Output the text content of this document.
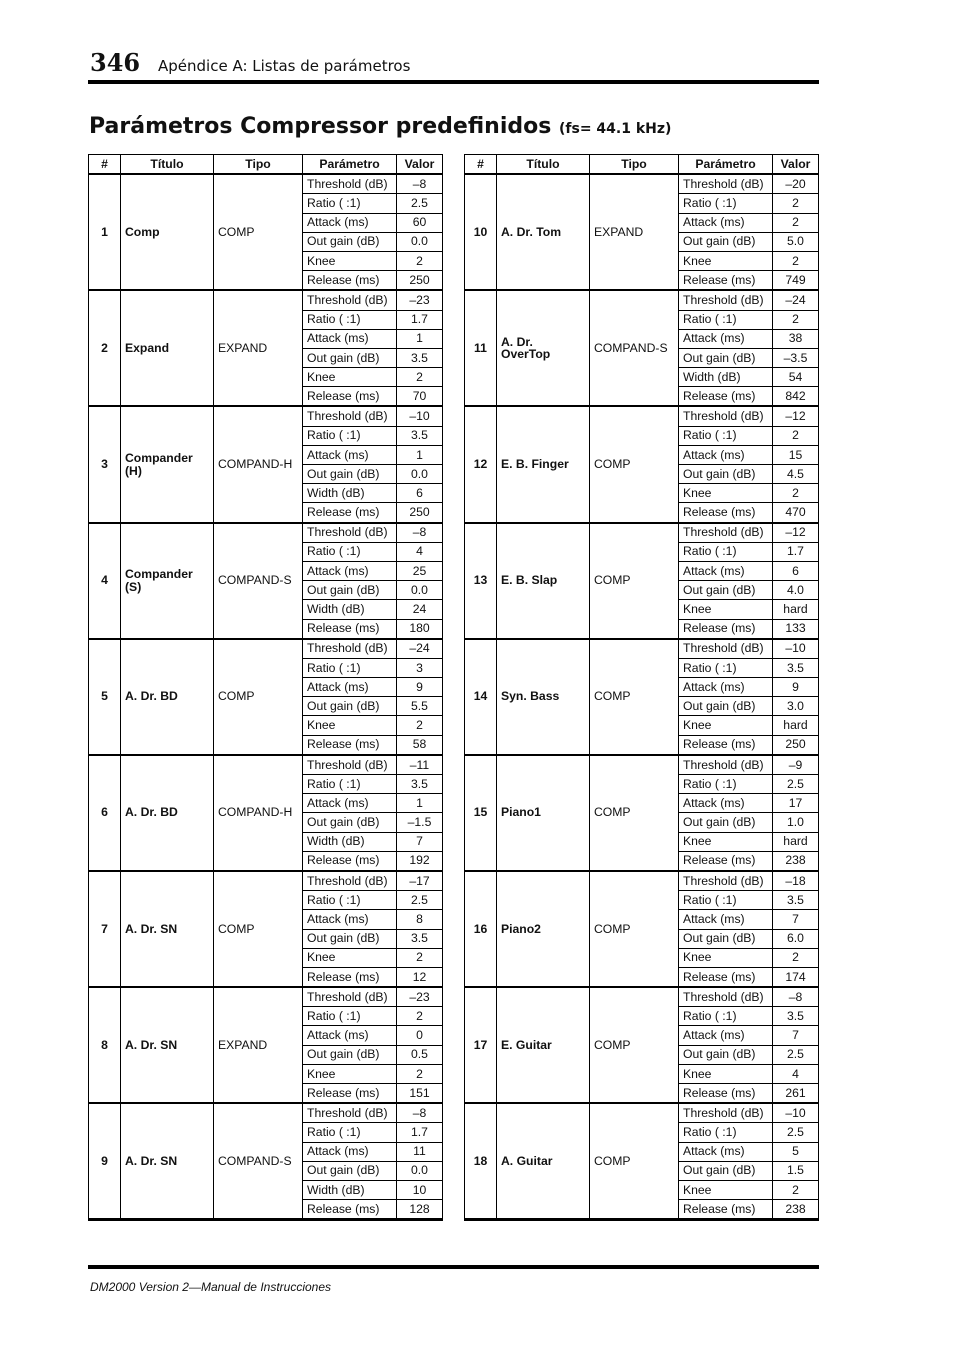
346 Apéndice A: Listas de parámetros
Parámetros Compressor predefinidos (fs= 44.1 kHz)
#	Título	Tipo	Parámetro	Valor
1	Comp	COMP	Threshold (dB)	–8
			Ratio ( :1)	2.5
			Attack (ms)	60
			Out gain (dB)	0.0
			Knee	2
			Release (ms)	250
2	Expand	EXPAND	Threshold (dB)	–23
			Ratio ( :1)	1.7
			Attack (ms)	1
			Out gain (dB)	3.5
			Knee	2
			Release (ms)	70
3	Compander (H)	COMPAND-H	Threshold (dB)	–10
			Ratio ( :1)	3.5
			Attack (ms)	1
			Out gain (dB)	0.0
			Width (dB)	6
			Release (ms)	250
4	Compander (S)	COMPAND-S	Threshold (dB)	–8
			Ratio ( :1)	4
			Attack (ms)	25
			Out gain (dB)	0.0
			Width (dB)	24
			Release (ms)	180
5	A. Dr. BD	COMP	Threshold (dB)	–24
			Ratio ( :1)	3
			Attack (ms)	9
			Out gain (dB)	5.5
			Knee	2
			Release (ms)	58
6	A. Dr. BD	COMPAND-H	Threshold (dB)	–11
			Ratio ( :1)	3.5
			Attack (ms)	1
			Out gain (dB)	–1.5
			Width (dB)	7
			Release (ms)	192
7	A. Dr. SN	COMP	Threshold (dB)	–17
			Ratio ( :1)	2.5
			Attack (ms)	8
			Out gain (dB)	3.5
			Knee	2
			Release (ms)	12
8	A. Dr. SN	EXPAND	Threshold (dB)	–23
			Ratio ( :1)	2
			Attack (ms)	0
			Out gain (dB)	0.5
			Knee	2
			Release (ms)	151
9	A. Dr. SN	COMPAND-S	Threshold (dB)	–8
			Ratio ( :1)	1.7
			Attack (ms)	11
			Out gain (dB)	0.0
			Width (dB)	10
			Release (ms)	128
#	Título	Tipo	Parámetro	Valor
10	A. Dr. Tom	EXPAND	Threshold (dB)	–20
			Ratio ( :1)	2
			Attack (ms)	2
			Out gain (dB)	5.0
			Knee	2
			Release (ms)	749
11	A. Dr. OverTop	COMPAND-S	Threshold (dB)	–24
			Ratio ( :1)	2
			Attack (ms)	38
			Out gain (dB)	–3.5
			Width (dB)	54
			Release (ms)	842
12	E. B. Finger	COMP	Threshold (dB)	–12
			Ratio ( :1)	2
			Attack (ms)	15
			Out gain (dB)	4.5
			Knee	2
			Release (ms)	470
13	E. B. Slap	COMP	Threshold (dB)	–12
			Ratio ( :1)	1.7
			Attack (ms)	6
			Out gain (dB)	4.0
			Knee	hard
			Release (ms)	133
14	Syn. Bass	COMP	Threshold (dB)	–10
			Ratio ( :1)	3.5
			Attack (ms)	9
			Out gain (dB)	3.0
			Knee	hard
			Release (ms)	250
15	Piano1	COMP	Threshold (dB)	–9
			Ratio ( :1)	2.5
			Attack (ms)	17
			Out gain (dB)	1.0
			Knee	hard
			Release (ms)	238
16	Piano2	COMP	Threshold (dB)	–18
			Ratio ( :1)	3.5
			Attack (ms)	7
			Out gain (dB)	6.0
			Knee	2
			Release (ms)	174
17	E. Guitar	COMP	Threshold (dB)	–8
			Ratio ( :1)	3.5
			Attack (ms)	7
			Out gain (dB)	2.5
			Knee	4
			Release (ms)	261
18	A. Guitar	COMP	Threshold (dB)	–10
			Ratio ( :1)	2.5
			Attack (ms)	5
			Out gain (dB)	1.5
			Knee	2
			Release (ms)	238
DM2000 Version 2—Manual de Instrucciones
